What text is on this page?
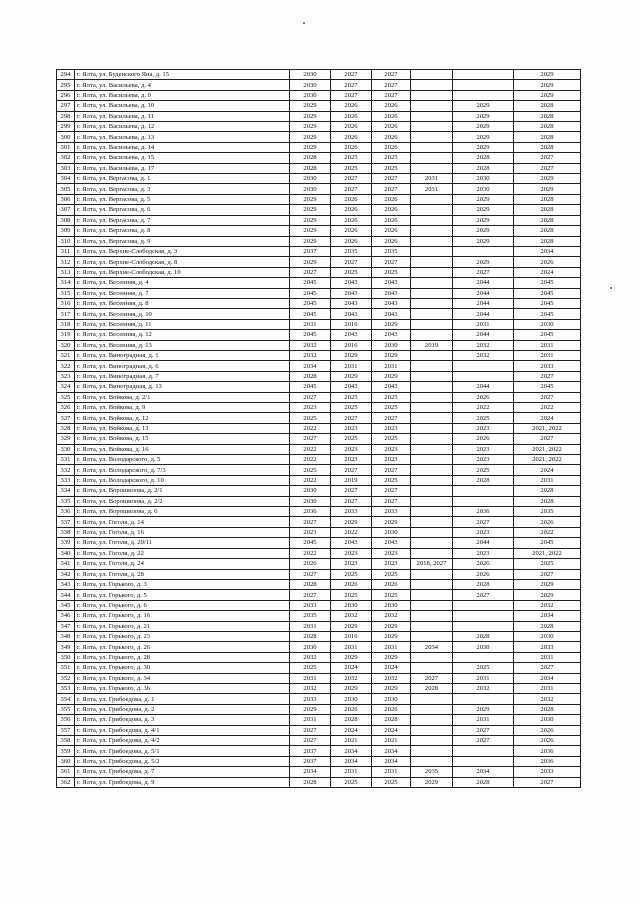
294	г. Ялта, ул. Буденского Яна, д. 15	2030	2027	2027			2029
295	г. Ялта, ул. Васильева, д. 4	2030	2027	2027			2029
296	г. Ялта, ул. Васильева, д. 9	2030	2027	2027			2029
297	г. Ялта, ул. Васильева, д. 10	2029	2026	2026		2029	2028
298	г. Ялта, ул. Васильева, д. 11	2029	2026	2026		2029	2028
299	г. Ялта, ул. Васильева, д. 12	2029	2026	2026		2029	2028
300	г. Ялта, ул. Васильева, д. 13	2029	2026	2026		2029	2028
301	г. Ялта, ул. Васильева, д. 14	2029	2026	2026		2029	2028
302	г. Ялта, ул. Васильева, д. 15	2028	2025	2025		2028	2027
303	г. Ялта, ул. Васильева, д. 17	2028	2025	2025		2028	2027
304	г. Ялта, ул. Вергасова, д. 1	2030	2027	2027	2031	2030	2029
305	г. Ялта, ул. Вергасова, д. 3	2030	2027	2027	2031	2030	2029
306	г. Ялта, ул. Вергасова, д. 5	2029	2026	2026		2029	2028
307	г. Ялта, ул. Вергасова, д. 6	2029	2026	2026		2029	2028
308	г. Ялта, ул. Вергасова, д. 7	2029	2026	2026		2029	2028
309	г. Ялта, ул. Вергасова, д. 8	2029	2026	2026		2029	2028
310	г. Ялта, ул. Вергасова, д. 9	2029	2026	2026		2029	2028
311	г. Ялта, ул. Верхне-Слободская, д. 3	2037	2035	2035			2034
312	г. Ялта, ул. Верхне-Слободская, д. 8	2029	2027	2027		2029	2026
313	г. Ялта, ул. Верхне-Слободская, д. 10	2027	2025	2025		2027	2024
314	г. Ялта, ул. Весенняя, д. 4	2045	2043	2043		2044	2045
315	г. Ялта, ул. Весенняя, д. 7	2045	2043	2043		2044	2045
316	г. Ялта, ул. Весенняя, д. 8	2045	2043	2043		2044	2045
317	г. Ялта, ул. Весенняя, д. 10	2045	2043	2043		2044	2045
318	г. Ялта, ул. Весенняя, д. 11	2031	2016	2029		2031	2030
319	г. Ялта, ул. Весенняя, д. 12	2045	2043	2043		2044	2045
320	г. Ялта, ул. Весенняя, д. 13	2032	2016	2030	2019	2032	2031
321	г. Ялта, ул. Виноградная, д. 1	2032	2029	2029		2032	2031
322	г. Ялта, ул. Виноградная, д. 6	2034	2031	2031			2033
323	г. Ялта, ул. Виноградная, д. 7	2028	2029	2029			2027
324	г. Ялта, ул. Виноградная, д. 13	2045	2043	2043		2044	2045
325	г. Ялта, ул. Войкова, д. 2/1	2027	2025	2025		2026	2027
326	г. Ялта, ул. Войкова, д. 9	2023	2025	2025		2022	2022
327	г. Ялта, ул. Войкова, д. 12	2025	2027	2027		2025	2024
328	г. Ялта, ул. Войкова, д. 13	2022	2023	2023		2023	2021, 2022
329	г. Ялта, ул. Войкова, д. 15	2027	2025	2025		2026	2027
330	г. Ялта, ул. Войкова, д. 16	2022	2023	2023		2023	2021, 2022
331	г. Ялта, ул. Володарского, д. 5	2022	2023	2023		2023	2021, 2022
332	г. Ялта, ул. Володарского, д. 7/3	2025	2027	2027		2025	2024
333	г. Ялта, ул. Володарского, д. 10	2022	2019	2025		2028	2031
334	г. Ялта, ул. Ворошилова, д. 2/1	2030	2027	2027			2028
335	г. Ялта, ул. Ворошилова, д. 2/2	2030	2027	2027			2028
336	г. Ялта, ул. Ворошилова, д. 6	2036	2033	2033		2036	2035
337	г. Ялта, ул. Гоголя, д. 14	2027	2029	2029		2027	2026
338	г. Ялта, ул. Гоголя, д. 16	2023	2022	2030		2023	2022
339	г. Ялта, ул. Гоголя, д. 20/11	2045	2043	2043		2044	2045
340	г. Ялта, ул. Гоголя, д. 22	2022	2023	2023		2023	2021, 2022
341	г. Ялта, ул. Гоголя, д. 24	2026	2023	2023	2018, 2027	2026	2025
342	г. Ялта, ул. Гоголя, д. 28	2027	2025	2025		2026	2027
343	г. Ялта, ул. Горького, д. 3	2028	2026	2026		2028	2029
344	г. Ялта, ул. Горького, д. 5	2027	2025	2025		2027	2029
345	г. Ялта, ул. Горького, д. 6	2033	2030	2030			2032
346	г. Ялта, ул. Горького, д. 16	2035	2032	2032			2034
347	г. Ялта, ул. Горького, д. 21	2031	2029	2029			2028
348	г. Ялта, ул. Горького, д. 23	2028	2016	2029		2028	2030
349	г. Ялта, ул. Горького, д. 26	2030	2031	2031	2034	2030	2033
350	г. Ялта, ул. Горького, д. 28	2032	2029	2029			2031
351	г. Ялта, ул. Горького, д. 30	2025	2024	2024		2025	2027
352	г. Ялта, ул. Горького, д. 34	2031	2032	2032	2027	2031	2034
353	г. Ялта, ул. Горького, д. 36	2032	2029	2029	2028	2032	2031
354	г. Ялта, ул. Грибоедова, д. 1	2033	2030	2030			2032
355	г. Ялта, ул. Грибоедова, д. 2	2029	2026	2026		2029	2028
356	г. Ялта, ул. Грибоедова, д. 3	2031	2028	2028		2031	2030
357	г. Ялта, ул. Грибоедова, д. 4/1	2027	2024	2024		2027	2026
358	г. Ялта, ул. Грибоедова, д. 4/2	2027	2021	2021		2027	2026
359	г. Ялта, ул. Грибоедова, д. 5/1	2037	2034	2034			2036
360	г. Ялта, ул. Грибоедова, д. 5/2	2037	2034	2034			2036
361	г. Ялта, ул. Грибоедова, д. 7	2034	2031	2031	2035	2034	2033
362	г. Ялта, ул. Грибоедова, д. 9	2028	2025	2025	2029	2028	2027
